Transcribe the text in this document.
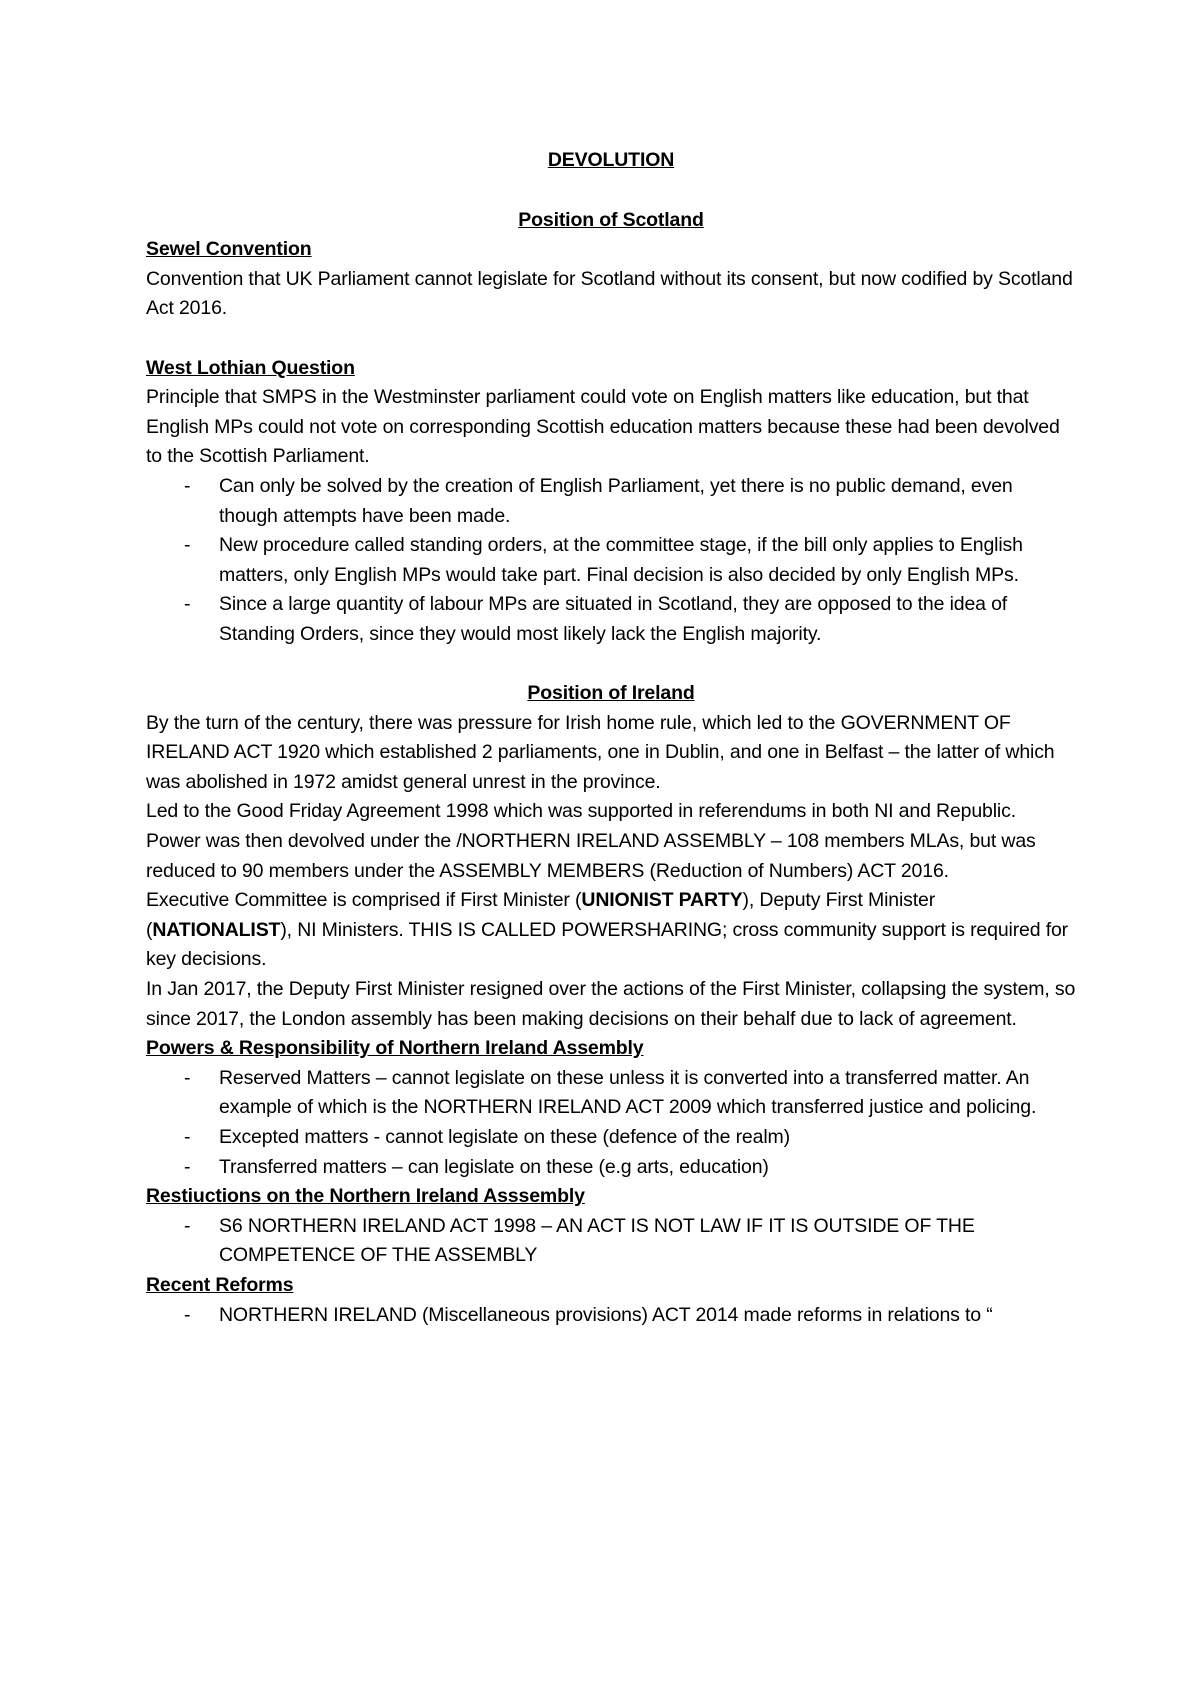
DEVOLUTION

Position of Scotland

Sewel Convention

Convention that UK Parliament cannot legislate for Scotland without its consent, but now codified by Scotland Act 2016.

West Lothian Question

Principle that SMPS in the Westminster parliament could vote on English matters like education, but that English MPs could not vote on corresponding Scottish education matters because these had been devolved to the Scottish Parliament.

- Can only be solved by the creation of English Parliament, yet there is no public demand, even though attempts have been made.
- New procedure called standing orders, at the committee stage, if the bill only applies to English matters, only English MPs would take part. Final decision is also decided by only English MPs.
- Since a large quantity of labour MPs are situated in Scotland, they are opposed to the idea of Standing Orders, since they would most likely lack the English majority.

Position of Ireland

By the turn of the century, there was pressure for Irish home rule, which led to the GOVERNMENT OF IRELAND ACT 1920 which established 2 parliaments, one in Dublin, and one in Belfast – the latter of which was abolished in 1972 amidst general unrest in the province.

Led to the Good Friday Agreement 1998 which was supported in referendums in both NI and Republic.

Power was then devolved under the /NORTHERN IRELAND ASSEMBLY – 108 members MLAs, but was reduced to 90 members under the ASSEMBLY MEMBERS (Reduction of Numbers) ACT 2016.

Executive Committee is comprised if First Minister (UNIONIST PARTY), Deputy First Minister (NATIONALIST), NI Ministers. THIS IS CALLED POWERSHARING; cross community support is required for key decisions.

In Jan 2017, the Deputy First Minister resigned over the actions of the First Minister, collapsing the system, so since 2017, the London assembly has been making decisions on their behalf due to lack of agreement.

Powers & Responsibility of Northern Ireland Assembly

- Reserved Matters – cannot legislate on these unless it is converted into a transferred matter. An example of which is the NORTHERN IRELAND ACT 2009 which transferred justice and policing.
- Excepted matters - cannot legislate on these (defence of the realm)
- Transferred matters – can legislate on these (e.g arts, education)

Restiuctions on the Northern Ireland Asssembly

- S6 NORTHERN IRELAND ACT 1998 – AN ACT IS NOT LAW IF IT IS OUTSIDE OF THE COMPETENCE OF THE ASSEMBLY

Recent Reforms

- NORTHERN IRELAND (Miscellaneous provisions) ACT 2014 made reforms in relations to “
